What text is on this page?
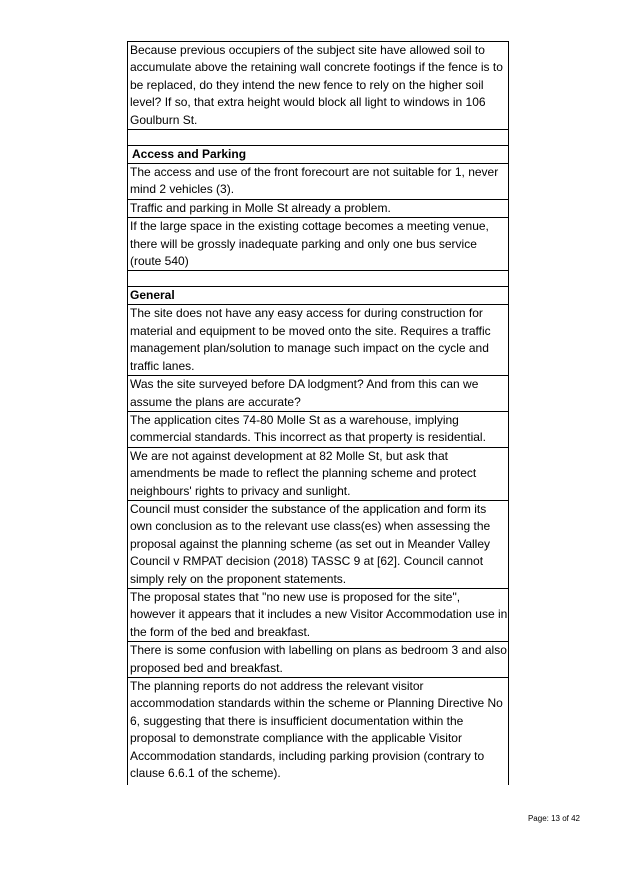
Because previous occupiers of the subject site have allowed soil to accumulate above the retaining wall concrete footings if the fence is to be replaced, do they intend the new fence to rely on the higher soil level? If so, that extra height would block all light to windows in 106 Goulburn St.

Access and Parking
The access and use of the front forecourt are not suitable for 1, never mind 2 vehicles (3).
Traffic and parking in Molle St already a problem.
If the large space in the existing cottage becomes a meeting venue, there will be grossly inadequate parking and only one bus service (route 540)

General
The site does not have any easy access for during construction for material and equipment to be moved onto the site. Requires a traffic management plan/solution to manage such impact on the cycle and traffic lanes.
Was the site surveyed before DA lodgment? And from this can we assume the plans are accurate?
The application cites 74-80 Molle St as a warehouse, implying commercial standards. This incorrect as that property is residential.
We are not against development at 82 Molle St, but ask that amendments be made to reflect the planning scheme and protect neighbours' rights to privacy and sunlight.
Council must consider the substance of the application and form its own conclusion as to the relevant use class(es) when assessing the proposal against the planning scheme (as set out in Meander Valley Council v RMPAT decision (2018) TASSC 9 at [62]. Council cannot simply rely on the proponent statements.
The proposal states that "no new use is proposed for the site", however it appears that it includes a new Visitor Accommodation use in the form of the bed and breakfast.
There is some confusion with labelling on plans as bedroom 3 and also proposed bed and breakfast.
The planning reports do not address the relevant visitor accommodation standards within the scheme or Planning Directive No 6, suggesting that there is insufficient documentation within the proposal to demonstrate compliance with the applicable Visitor Accommodation standards, including parking provision (contrary to clause 6.6.1 of the scheme).
Page: 13 of 42
